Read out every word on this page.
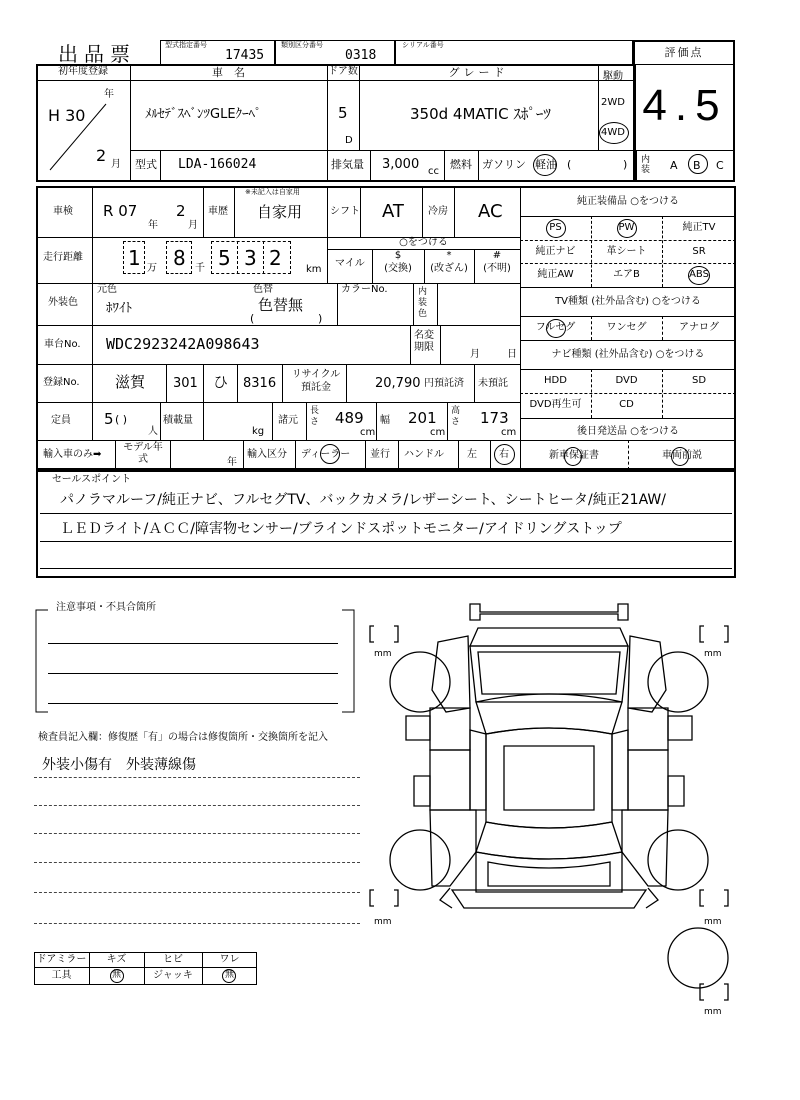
出品票	型式指定番号
17435
類別区分番号
0318
シリアル番号
評価点
4.5
初年度登録
年
H 30
2 月
車　名
ﾒﾙｾﾃﾞｽﾍﾞﾝﾂGLEｸｰﾍﾟ
ドア数
5
D
グレード
350d 4MATIC ｽﾎﾟｰﾂ
駆動
2WD
4WD
型式 LDA-166024	排気量 3,000 cc
燃料 ガソリン 軽油 (	) 内装 A B C
車検 R 07
年
2
月
車歴
※未記入は自家用
自家用	シフト AT 冷房 AC
走行距離 1 万 8 千 5 3 2 km
○をつける
マイル
$
(交換)
*
(改ざん)
#
(不明)
外装色
元色
ﾎﾜｲﾄ
色替
色替無
(	)
カラーNo.	内装色
車台No. WDC2923242A098643	名変期限
月	日
登録No. 滋賀 301 ひ 8316
リサイクル預託金	20,790 円預託済 未預託
定員 5 ( )
人
積載量
kg
諸元
長さ 489
cm
幅 201
cm
高さ 173
cm
輸入車のみ➡
モデル年式	年
輸入区分 ディーラー 並行 ハンドル 左 右
純正装備品 ○をつける
PS	PW	純正TV
純正ナビ	革シート	SR
純正AW	エアB	ABS
TV種類 (社外品含む) ○をつける
フルセグ	ワンセグ	アナログ
ナビ種類 (社外品含む) ○をつける
HDD	DVD	SD
DVD再生可	CD
後日発送品 ○をつける
新車保証書	車両前説
セールスポイント
パノラマルーフ/純正ナビ、フルセグTV、バックカメラ/レザーシート、シートヒータ/純正21AW/
ＬＥＤライト/ＡＣＣ/障害物センサー/ブラインドスポットモニター/アイドリングストップ
注意事項・不具合箇所
検査員記入欄：修復歴「有」の場合は修復箇所・交換箇所を記入
外装小傷有　外装薄線傷
ドアミラー	キズ	ヒビ	ワレ
工具	無	ジャッキ	無
mm	mm
mm	mm
mm
